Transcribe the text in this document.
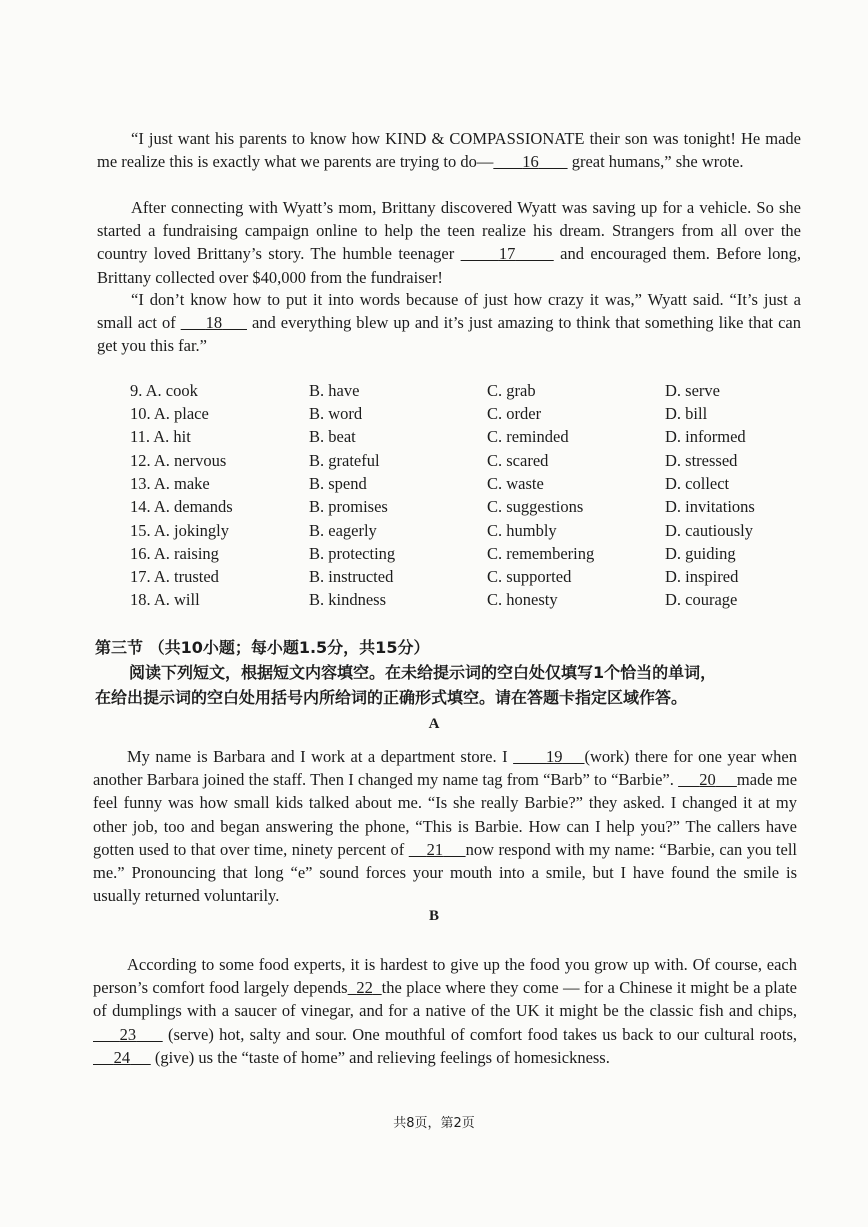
“I just want his parents to know how KIND & COMPASSIONATE their son was tonight! He made me realize this is exactly what we parents are trying to do— 16        great humans,” she wrote.
After connecting with Wyatt’s mom, Brittany discovered Wyatt was saving up for a vehicle. So she started a fundraising campaign online to help the teen realize his dream. Strangers from all over the country loved Brittany’s story. The humble teenager       17       and encouraged them. Before long, Brittany collected over $40,000 from the fundraiser!
“I don’t know how to put it into words because of just how crazy it was,” Wyatt said. “It’s just a small act of      18      and everything blew up and it’s just amazing to think that something like that can get you this far.”
9. A. cook	B. have	C. grab	D. serve
10. A. place	B. word	C. order	D. bill
11. A. hit	B. beat	C. reminded	D. informed
12. A. nervous	B. grateful	C. scared	D. stressed
13. A. make	B. spend	C. waste	D. collect
14. A. demands	B. promises	C. suggestions	D. invitations
15. A. jokingly	B. eagerly	C. humbly	D. cautiously
16. A. raising	B. protecting	C. remembering	D. guiding
17. A. trusted	B. instructed	C. supported	D. inspired
18. A. will	B. kindness	C. honesty	D. courage
第三节 （共10小题；每小题1.5分，共15分）
阅读下列短文，根据短文内容填空。在未给提示词的空白处仅填写1个恰当的单词，
在给出提示词的空白处用括号内所给词的正确形式填空。请在答题卡指定区域作答。
A
My name is Barbara and I work at a department store. I       19 (work) there for one year when another Barbara joined the staff. Then I changed my name tag from “Barb” to “Barbie”.      20 made me feel funny was how small kids talked about me. “Is she really Barbie?” they asked. I changed it at my other job, too and began answering the phone, “This is Barbie. How can I help you?” The callers have gotten used to that over time, ninety percent of     21 now respond with my name: “Barbie, can you tell me.” Pronouncing that long “e” sound forces your mouth into a smile, but I have found the smile is usually returned voluntarily.
B
According to some food experts, it is hardest to give up the food you grow up with. Of course, each person’s comfort food largely depends 22 the place where they come — for a Chinese it might be a plate of dumplings with a saucer of vinegar, and for a native of the UK it might be the classic fish and chips,      23      (serve) hot, salty and sour. One mouthful of comfort food takes us back to our cultural roots,      24      (give) us the “taste of home” and relieving feelings of homesickness.
共8页，第2页
